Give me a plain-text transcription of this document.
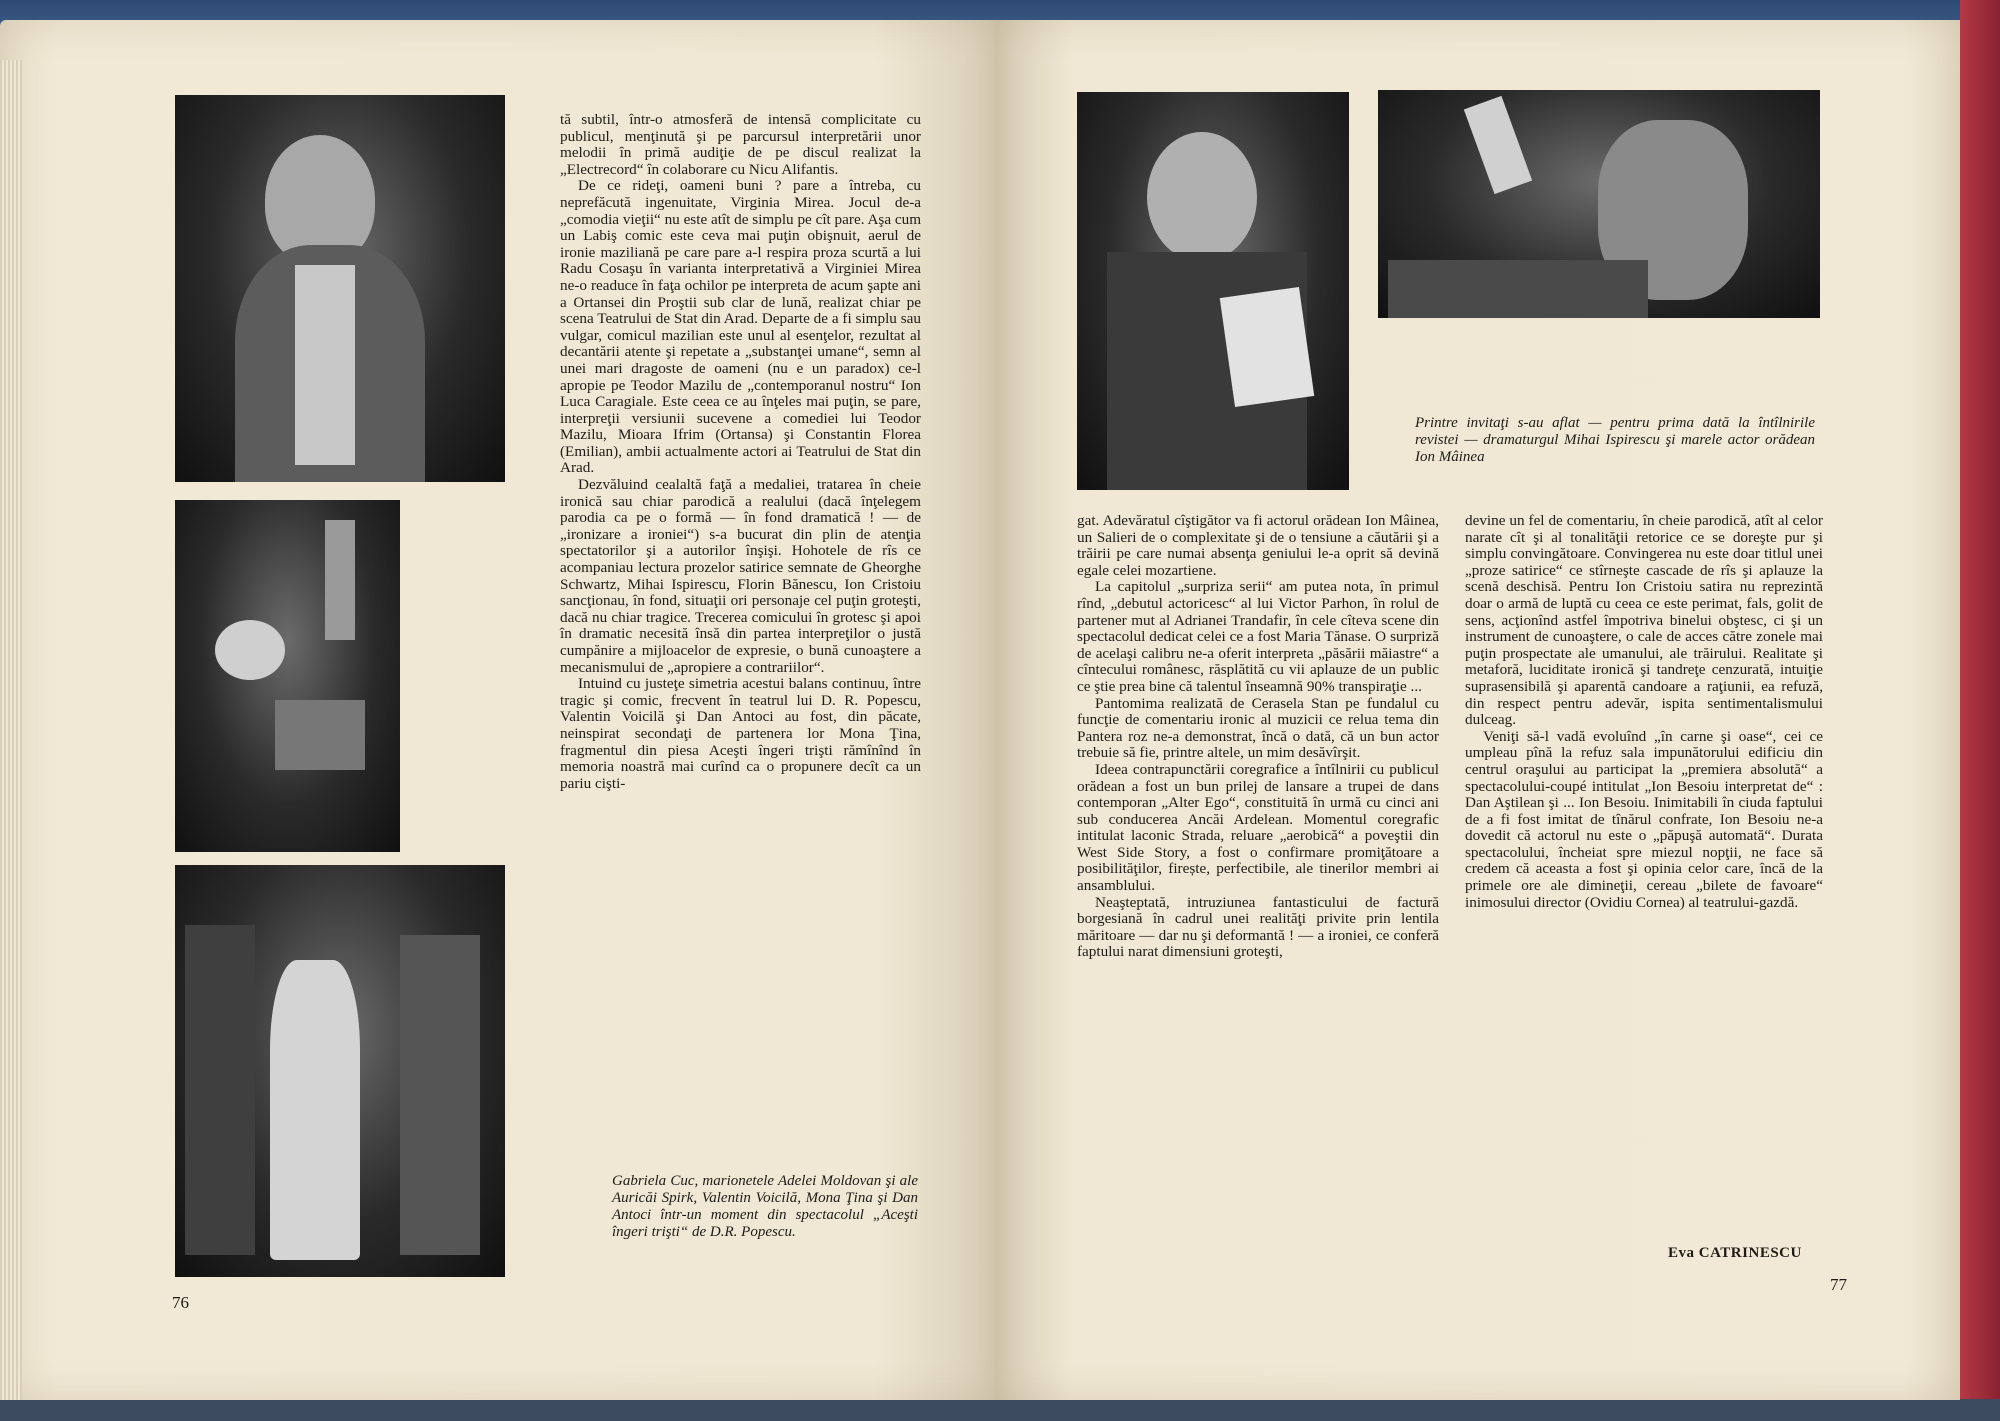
tă subtil, într-o atmosferă de intensă complicitate cu publicul, menţinută şi pe parcursul interpretării unor melodii în primă audiţie de pe discul realizat la „Electrecord“ în colaborare cu Nicu Alifantis.

De ce rideţi, oameni buni ? pare a întreba, cu neprefăcută ingenuitate, Virginia Mirea. Jocul de-a „comodia vieţii“ nu este atît de simplu pe cît pare. Aşa cum un Labiş comic este ceva mai puţin obişnuit, aerul de ironie maziliană pe care pare a-l respira proza scurtă a lui Radu Cosaşu în varianta interpretativă a Virginiei Mirea ne-o readuce în faţa ochilor pe interpreta de acum şapte ani a Ortansei din Proştii sub clar de lună, realizat chiar pe scena Teatrului de Stat din Arad. Departe de a fi simplu sau vulgar, comicul mazilian este unul al esenţelor, rezultat al decantării atente şi repetate a „substanţei umane“, semn al unei mari dragoste de oameni (nu e un paradox) ce-l apropie pe Teodor Mazilu de „contemporanul nostru“ Ion Luca Caragiale. Este ceea ce au înţeles mai puţin, se pare, interpreţii versiunii sucevene a comediei lui Teodor Mazilu, Mioara Ifrim (Ortansa) şi Constantin Florea (Emilian), ambii actualmente actori ai Teatrului de Stat din Arad.

Dezvăluind cealaltă faţă a medaliei, tratarea în cheie ironică sau chiar parodică a realului (dacă înţelegem parodia ca pe o formă — în fond dramatică ! — de „ironizare a ironiei“) s-a bucurat din plin de atenţia spectatorilor şi a autorilor înşişi. Hohotele de rîs ce acompaniau lectura prozelor satirice semnate de Gheorghe Schwartz, Mihai Ispirescu, Florin Bănescu, Ion Cristoiu sancţionau, în fond, situaţii ori personaje cel puţin groteşti, dacă nu chiar tragice. Trecerea comicului în grotesc şi apoi în dramatic necesită însă din partea interpreţilor o justă cumpănire a mijloacelor de expresie, o bună cunoaştere a mecanismului de „apropiere a contrariilor“.

Intuind cu justeţe simetria acestui balans continuu, între tragic şi comic, frecvent în teatrul lui D. R. Popescu, Valentin Voicilă şi Dan Antoci au fost, din păcate, neinspirat secondaţi de partenera lor Mona Ţina, fragmentul din piesa Aceşti îngeri trişti rămînînd în memoria noastră mai curînd ca o propunere decît ca un pariu cişti-

Gabriela Cuc, marionetele Adelei Moldovan şi ale Auricăi Spirk, Valentin Voicilă, Mona Ţina şi Dan Antoci într-un moment din spectacolul „Aceşti îngeri trişti“ de D.R. Popescu.
76
Printre invitaţi s-au aflat — pentru prima dată la întîlnirile revistei — dramaturgul Mihai Ispirescu şi marele actor orădean Ion Mâinea

gat. Adevăratul cîştigător va fi actorul orădean Ion Mâinea, un Salieri de o complexitate şi de o tensiune a căutării şi a trăirii pe care numai absenţa geniului le-a oprit să devină egale celei mozartiene.

La capitolul „surpriza serii“ am putea nota, în primul rînd, „debutul actoricesc“ al lui Victor Parhon, în rolul de partener mut al Adrianei Trandafir, în cele cîteva scene din spectacolul dedicat celei ce a fost Maria Tănase. O surpriză de acelaşi calibru ne-a oferit interpreta „păsării măiastre“ a cîntecului românesc, răsplătită cu vii aplauze de un public ce ştie prea bine că talentul înseamnă 90% transpiraţie ...

Pantomima realizată de Cerasela Stan pe fundalul cu funcţie de comentariu ironic al muzicii ce relua tema din Pantera roz ne-a demonstrat, încă o dată, că un bun actor trebuie să fie, printre altele, un mim desăvîrşit.

Ideea contrapunctării coregrafice a întîlnirii cu publicul orădean a fost un bun prilej de lansare a trupei de dans contemporan „Alter Ego“, constituită în urmă cu cinci ani sub conducerea Ancăi Ardelean. Momentul coregrafic intitulat laconic Strada, reluare „aerobică“ a poveştii din West Side Story, a fost o confirmare promiţătoare a posibilităţilor, firește, perfectibile, ale tinerilor membri ai ansamblului.

Neaşteptată, intruziunea fantasticului de factură borgesiană în cadrul unei realităţi privite prin lentila măritoare — dar nu şi deformantă ! — a ironiei, ce conferă faptului narat dimensiuni groteşti,

devine un fel de comentariu, în cheie parodică, atît al celor narate cît şi al tonalităţii retorice ce se doreşte pur şi simplu convingătoare. Convingerea nu este doar titlul unei „proze satirice“ ce stîrneşte cascade de rîs şi aplauze la scenă deschisă. Pentru Ion Cristoiu satira nu reprezintă doar o armă de luptă cu ceea ce este perimat, fals, golit de sens, acţionînd astfel împotriva binelui obştesc, ci şi un instrument de cunoaştere, o cale de acces către zonele mai puţin prospectate ale umanului, ale trăirului. Realitate şi metaforă, luciditate ironică şi tandreţe cenzurată, intuiţie suprasensibilă şi aparentă candoare a raţiunii, ea refuză, din respect pentru adevăr, ispita sentimentalismului dulceag.

Veniţi să-l vadă evoluînd „în carne şi oase“, cei ce umpleau pînă la refuz sala impunătorului edificiu din centrul oraşului au participat la „premiera absolută“ a spectacolului-coupé intitulat „Ion Besoiu interpretat de“ : Dan Aştilean şi ... Ion Besoiu. Inimitabili în ciuda faptului de a fi fost imitat de tînărul confrate, Ion Besoiu ne-a dovedit că actorul nu este o „păpuşă automată“. Durata spectacolului, încheiat spre miezul nopţii, ne face să credem că aceasta a fost şi opinia celor care, încă de la primele ore ale dimineţii, cereau „bilete de favoare“ inimosului director (Ovidiu Cornea) al teatrului-gazdă.

Eva CATRINESCU
77
